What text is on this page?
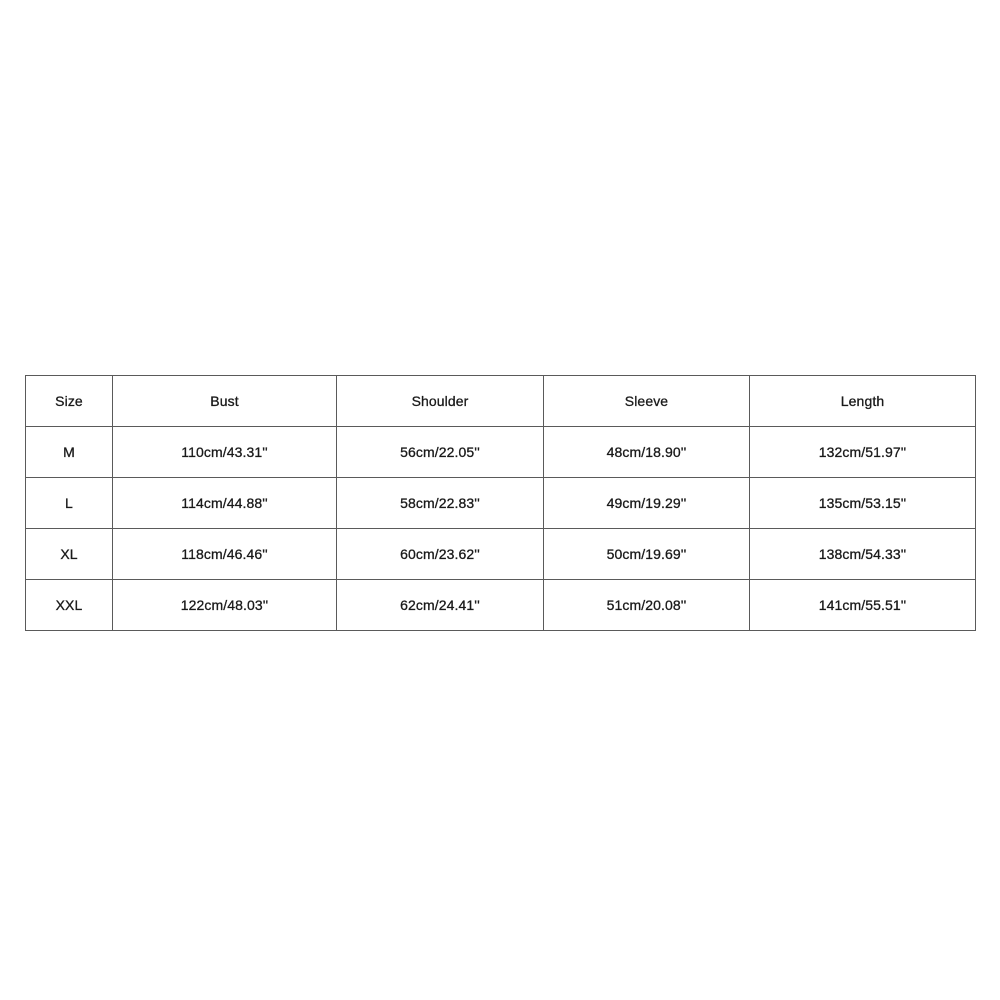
Size	Bust	Shoulder	Sleeve	Length
M	110cm/43.31''	56cm/22.05''	48cm/18.90''	132cm/51.97''
L	114cm/44.88''	58cm/22.83''	49cm/19.29''	135cm/53.15''
XL	118cm/46.46''	60cm/23.62''	50cm/19.69''	138cm/54.33''
XXL	122cm/48.03''	62cm/24.41''	51cm/20.08''	141cm/55.51''
